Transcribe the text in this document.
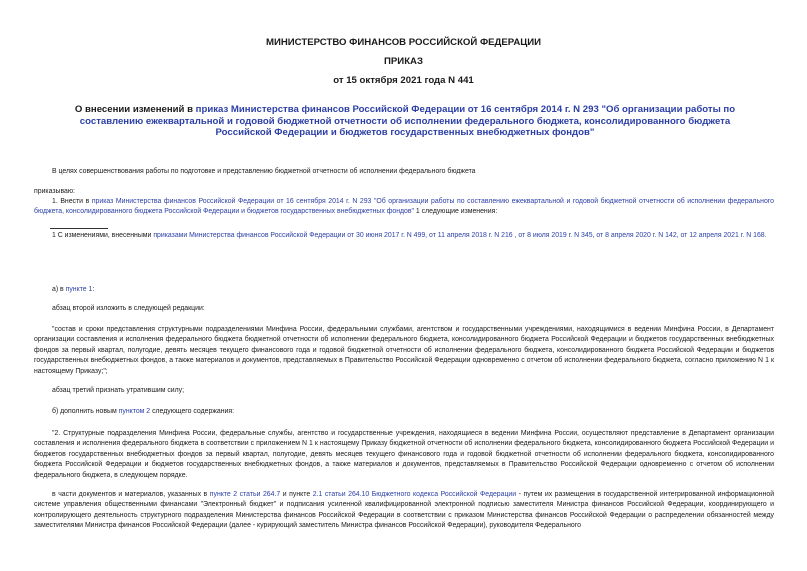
МИНИСТЕРСТВО ФИНАНСОВ РОССИЙСКОЙ ФЕДЕРАЦИИ

ПРИКАЗ

от 15 октября 2021 года N 441

О внесении изменений в приказ Министерства финансов Российской Федерации от 16 сентября 2014 г. N 293 "Об организации работы по составлению ежеквартальной и годовой бюджетной отчетности об исполнении федерального бюджета, консолидированного бюджета Российской Федерации и бюджетов государственных внебюджетных фондов"

В целях совершенствования работы по подготовке и представлению бюджетной отчетности об исполнении федерального бюджета

приказываю:

1. Внести в приказ Министерства финансов Российской Федерации от 16 сентября 2014 г. N 293 "Об организации работы по составлению ежеквартальной и годовой бюджетной отчетности об исполнении федерального бюджета, консолидированного бюджета Российской Федерации и бюджетов государственных внебюджетных фондов" 1 следующие изменения:

1 С изменениями, внесенными приказами Министерства финансов Российской Федерации от 30 июня 2017 г. N 499, от 11 апреля 2018 г. N 216 , от 8 июля 2019 г. N 345, от 8 апреля 2020 г. N 142, от 12 апреля 2021 г. N 168.

а) в пункте 1:

абзац второй изложить в следующей редакции:

"состав и сроки представления структурными подразделениями Минфина России, федеральными службами, агентством и государственными учреждениями, находящимися в ведении Минфина России, в Департамент организации составления и исполнения федерального бюджета бюджетной отчетности об исполнении федерального бюджета, консолидированного бюджета Российской Федерации и бюджетов государственных внебюджетных фондов за первый квартал, полугодие, девять месяцев текущего финансового года и годовой бюджетной отчетности об исполнении федерального бюджета, консолидированного бюджета Российской Федерации и бюджетов государственных внебюджетных фондов, а также материалов и документов, представляемых в Правительство Российской Федерации одновременно с отчетом об исполнении федерального бюджета, согласно приложению N 1 к настоящему Приказу;";

абзац третий признать утратившим силу;

б) дополнить новым пунктом 2 следующего содержания:

"2. Структурные подразделения Минфина России, федеральные службы, агентство и государственные учреждения, находящиеся в ведении Минфина России, осуществляют представление в Департамент организации составления и исполнения федерального бюджета в соответствии с приложением N 1 к настоящему Приказу бюджетной отчетности об исполнении федерального бюджета, консолидированного бюджета Российской Федерации и бюджетов государственных внебюджетных фондов за первый квартал, полугодие, девять месяцев текущего финансового года и годовой бюджетной отчетности об исполнении федерального бюджета, консолидированного бюджета Российской Федерации и бюджетов государственных внебюджетных фондов, а также материалов и документов, представляемых в Правительство Российской Федерации одновременно с отчетом об исполнении федерального бюджета, в следующем порядке.

в части документов и материалов, указанных в пункте 2 статьи 264.7 и пункте 2.1 статьи 264.10 Бюджетного кодекса Российской Федерации - путем их размещения в государственной интегрированной информационной системе управления общественными финансами "Электронный бюджет" и подписания усиленной квалифицированной электронной подписью заместителя Министра финансов Российской Федерации, координирующего и контролирующего деятельность структурного подразделения Министерства финансов Российской Федерации в соответствии с приказом Министерства финансов Российской Федерации о распределении обязанностей между заместителями Министра финансов Российской Федерации (далее - курирующий заместитель Министра финансов Российской Федерации), руководителя Федерального
